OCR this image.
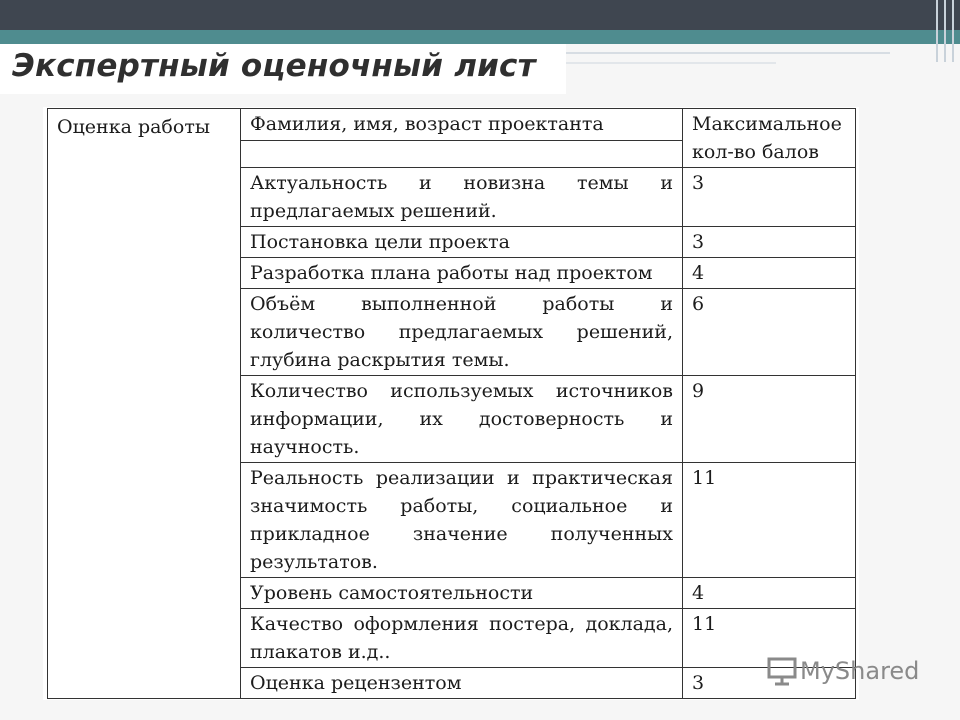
Экспертный оценочный лист
Оценка работы	Фамилия, имя, возраст проектанта	Максимальное кол-во балов

	Актуальность и новизна темы и предлагаемых решений.	3
	Постановка цели проекта	3
	Разработка плана работы над проектом	4
	Объём выполненной работы и количество предлагаемых решений, глубина раскрытия темы.	6
	Количество используемых источников информации, их достоверность и научность.	9
	Реальность реализации и практическая значимость работы, социальное и прикладное значение полученных результатов.	11
	Уровень самостоятельности	4
	Качество оформления постера, доклада, плакатов и.д..	11
	Оценка рецензентом	3	MyShared
